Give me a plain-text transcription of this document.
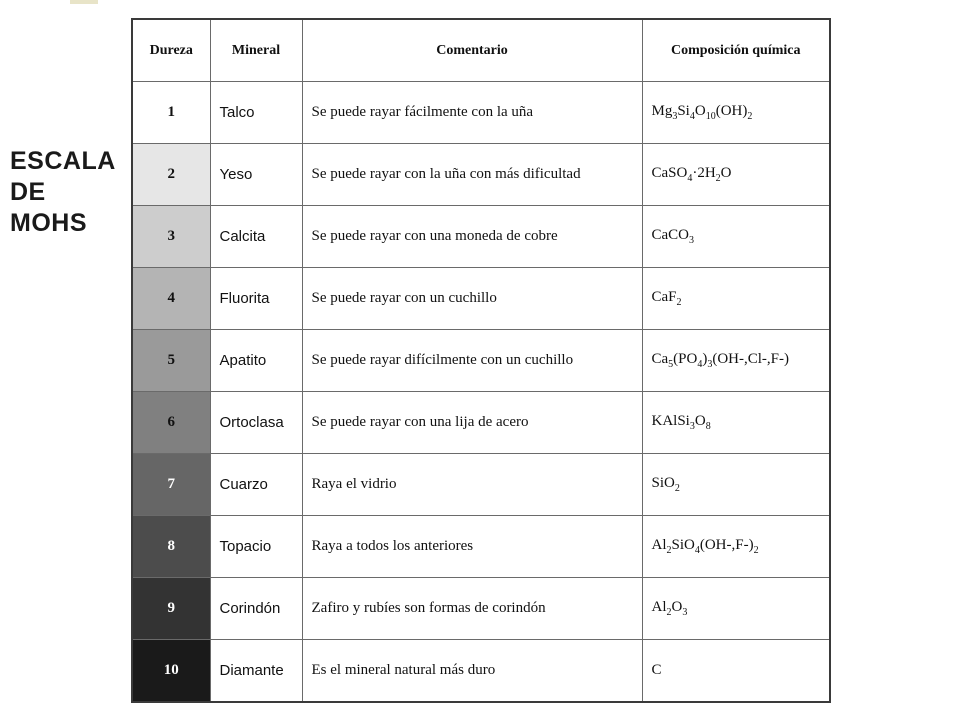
ESCALA
DE
MOHS
Dureza	Mineral	Comentario	Composición química
1	Talco	Se puede rayar fácilmente con la uña	$Mg_3Si_4O_{10}(OH)_2$
2	Yeso	Se puede rayar con la uña con más dificultad	$CaSO_4\cdot 2H_2O$
3	Calcita	Se puede rayar con una moneda de cobre	CaCO$_3$
4	Fluorita	Se puede rayar con un cuchillo	CaF$_2$
5	Apatito	Se puede rayar difícilmente con un cuchillo	$Ca_5(PO_4)_3(OH-,Cl-,F-)$
6	Ortoclasa	Se puede rayar con una lija de acero	$KAlSi_3O_8$
7	Cuarzo	Raya el vidrio	SiO$_2$
8	Topacio	Raya a todos los anteriores	$Al_2SiO_4(OH-,F-)_2$
9	Corindón	Zafiro y rubíes son formas de corindón	$Al_2O_3$
10	Diamante	Es el mineral natural más duro	C
